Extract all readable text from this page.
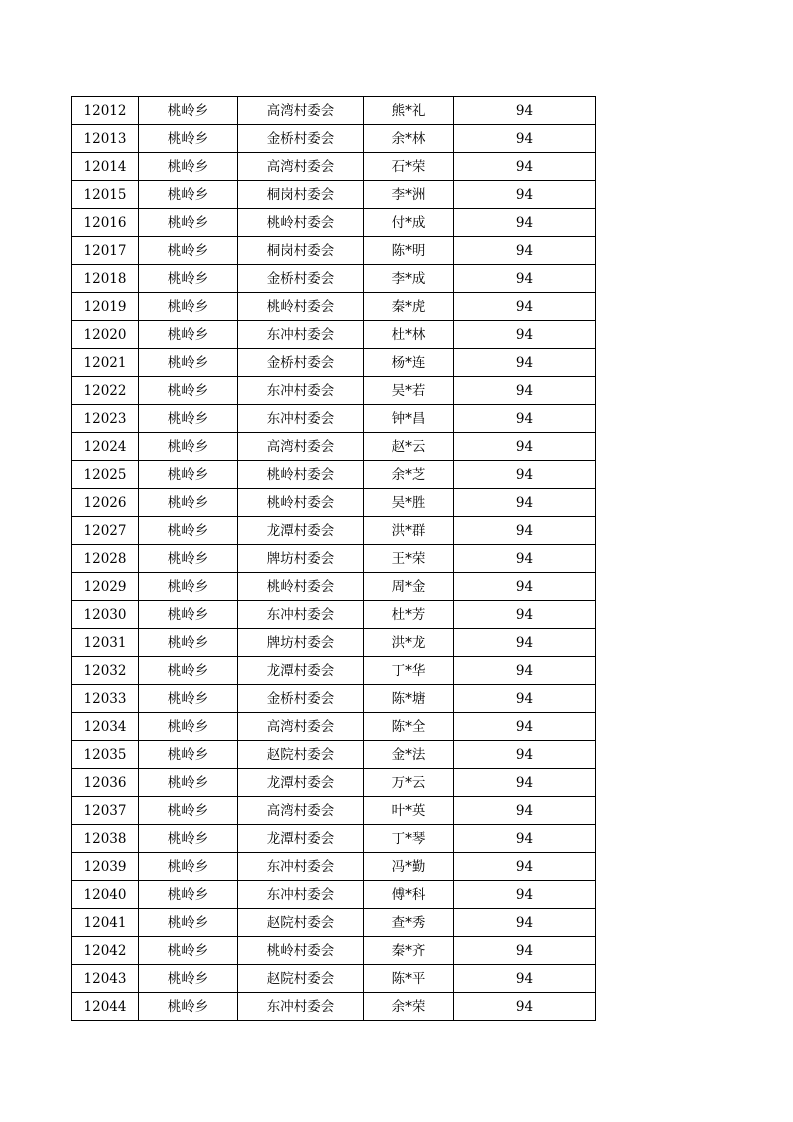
12012	桃岭乡	高湾村委会	熊*礼	94
12013	桃岭乡	金桥村委会	余*林	94
12014	桃岭乡	高湾村委会	石*荣	94
12015	桃岭乡	桐岗村委会	李*洲	94
12016	桃岭乡	桃岭村委会	付*成	94
12017	桃岭乡	桐岗村委会	陈*明	94
12018	桃岭乡	金桥村委会	李*成	94
12019	桃岭乡	桃岭村委会	秦*虎	94
12020	桃岭乡	东冲村委会	杜*林	94
12021	桃岭乡	金桥村委会	杨*连	94
12022	桃岭乡	东冲村委会	吴*若	94
12023	桃岭乡	东冲村委会	钟*昌	94
12024	桃岭乡	高湾村委会	赵*云	94
12025	桃岭乡	桃岭村委会	余*芝	94
12026	桃岭乡	桃岭村委会	吴*胜	94
12027	桃岭乡	龙潭村委会	洪*群	94
12028	桃岭乡	牌坊村委会	王*荣	94
12029	桃岭乡	桃岭村委会	周*金	94
12030	桃岭乡	东冲村委会	杜*芳	94
12031	桃岭乡	牌坊村委会	洪*龙	94
12032	桃岭乡	龙潭村委会	丁*华	94
12033	桃岭乡	金桥村委会	陈*塘	94
12034	桃岭乡	高湾村委会	陈*全	94
12035	桃岭乡	赵院村委会	金*法	94
12036	桃岭乡	龙潭村委会	万*云	94
12037	桃岭乡	高湾村委会	叶*英	94
12038	桃岭乡	龙潭村委会	丁*琴	94
12039	桃岭乡	东冲村委会	冯*勤	94
12040	桃岭乡	东冲村委会	傅*科	94
12041	桃岭乡	赵院村委会	查*秀	94
12042	桃岭乡	桃岭村委会	秦*齐	94
12043	桃岭乡	赵院村委会	陈*平	94
12044	桃岭乡	东冲村委会	余*荣	94
